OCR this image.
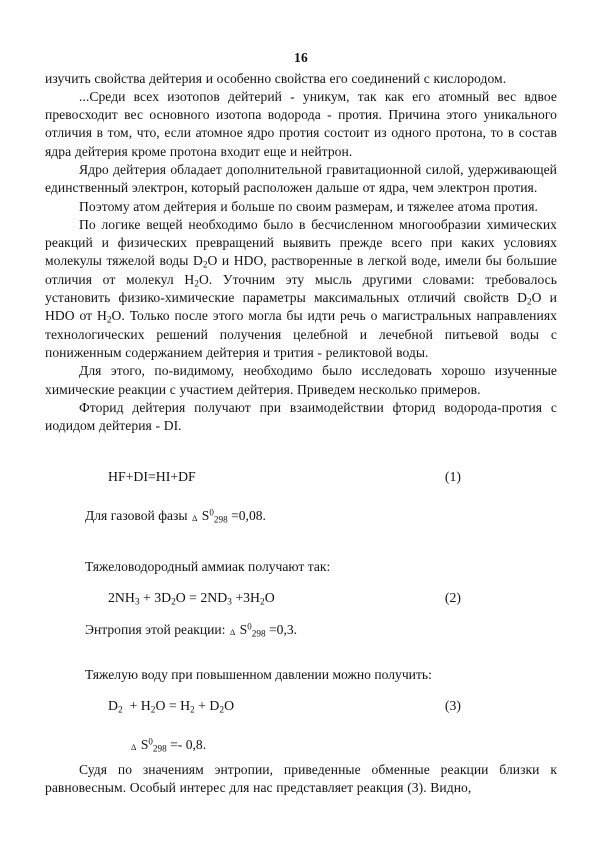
16

изучить свойства дейтерия и особенно свойства его соединений с кислородом.

...Среди всех изотопов дейтерий - уникум, так как его атомный вес вдвое превосходит вес основного изотопа водорода - протия. Причина этого уникального отличия в том, что, если атомное ядро протия состоит из одного протона, то в состав ядра дейтерия кроме протона входит еще и нейтрон.

Ядро дейтерия обладает дополнительной гравитационной силой, удерживающей единственный электрон, который расположен дальше от ядра, чем электрон протия.

Поэтому атом дейтерия и больше по своим размерам, и тяжелее атома протия.

По логике вещей необходимо было в бесчисленном многообразии химических реакций и физических превращений выявить прежде всего при каких условиях молекулы тяжелой воды $D_2O$ и HDO, растворенные в легкой воде, имели бы большие отличия от молекул $H_2O$. Уточним эту мысль другими словами: требовалось установить физико-химические параметры максимальных отличий свойств $D_2O$ и HDO от $H_2O$. Только после этого могла бы идти речь о магистральных направлениях технологических решений получения целебной и лечебной питьевой воды с пониженным содержанием дейтерия и трития - реликтовой воды.

Для этого, по-видимому, необходимо было исследовать хорошо изученные химические реакции с участием дейтерия. Приведем несколько примеров.

Фторид дейтерия получают при взаимодействии фторид водорода-протия с иодидом дейтерия - DI.

HF+DI=HI+DF	(1)
Для газовой фазы Δ $S^0_{298} =0,08$.
Тяжеловодородный аммиак получают так:
$2NH_3 + 3D_2O = 2ND_3 +3H_2O$	(2)
Энтропия этой реакции: Δ $S^0_{298} =0,3$.
Тяжелую воду при повышенном давлении можно получить:
$D_2 + H_2O = H_2 + D_2O$	(3)
Δ $S^0_{298} =- 0,8$.

Судя по значениям энтропии, приведенные обменные реакции близки к равновесным. Особый интерес для нас представляет реакция (3). Видно,
